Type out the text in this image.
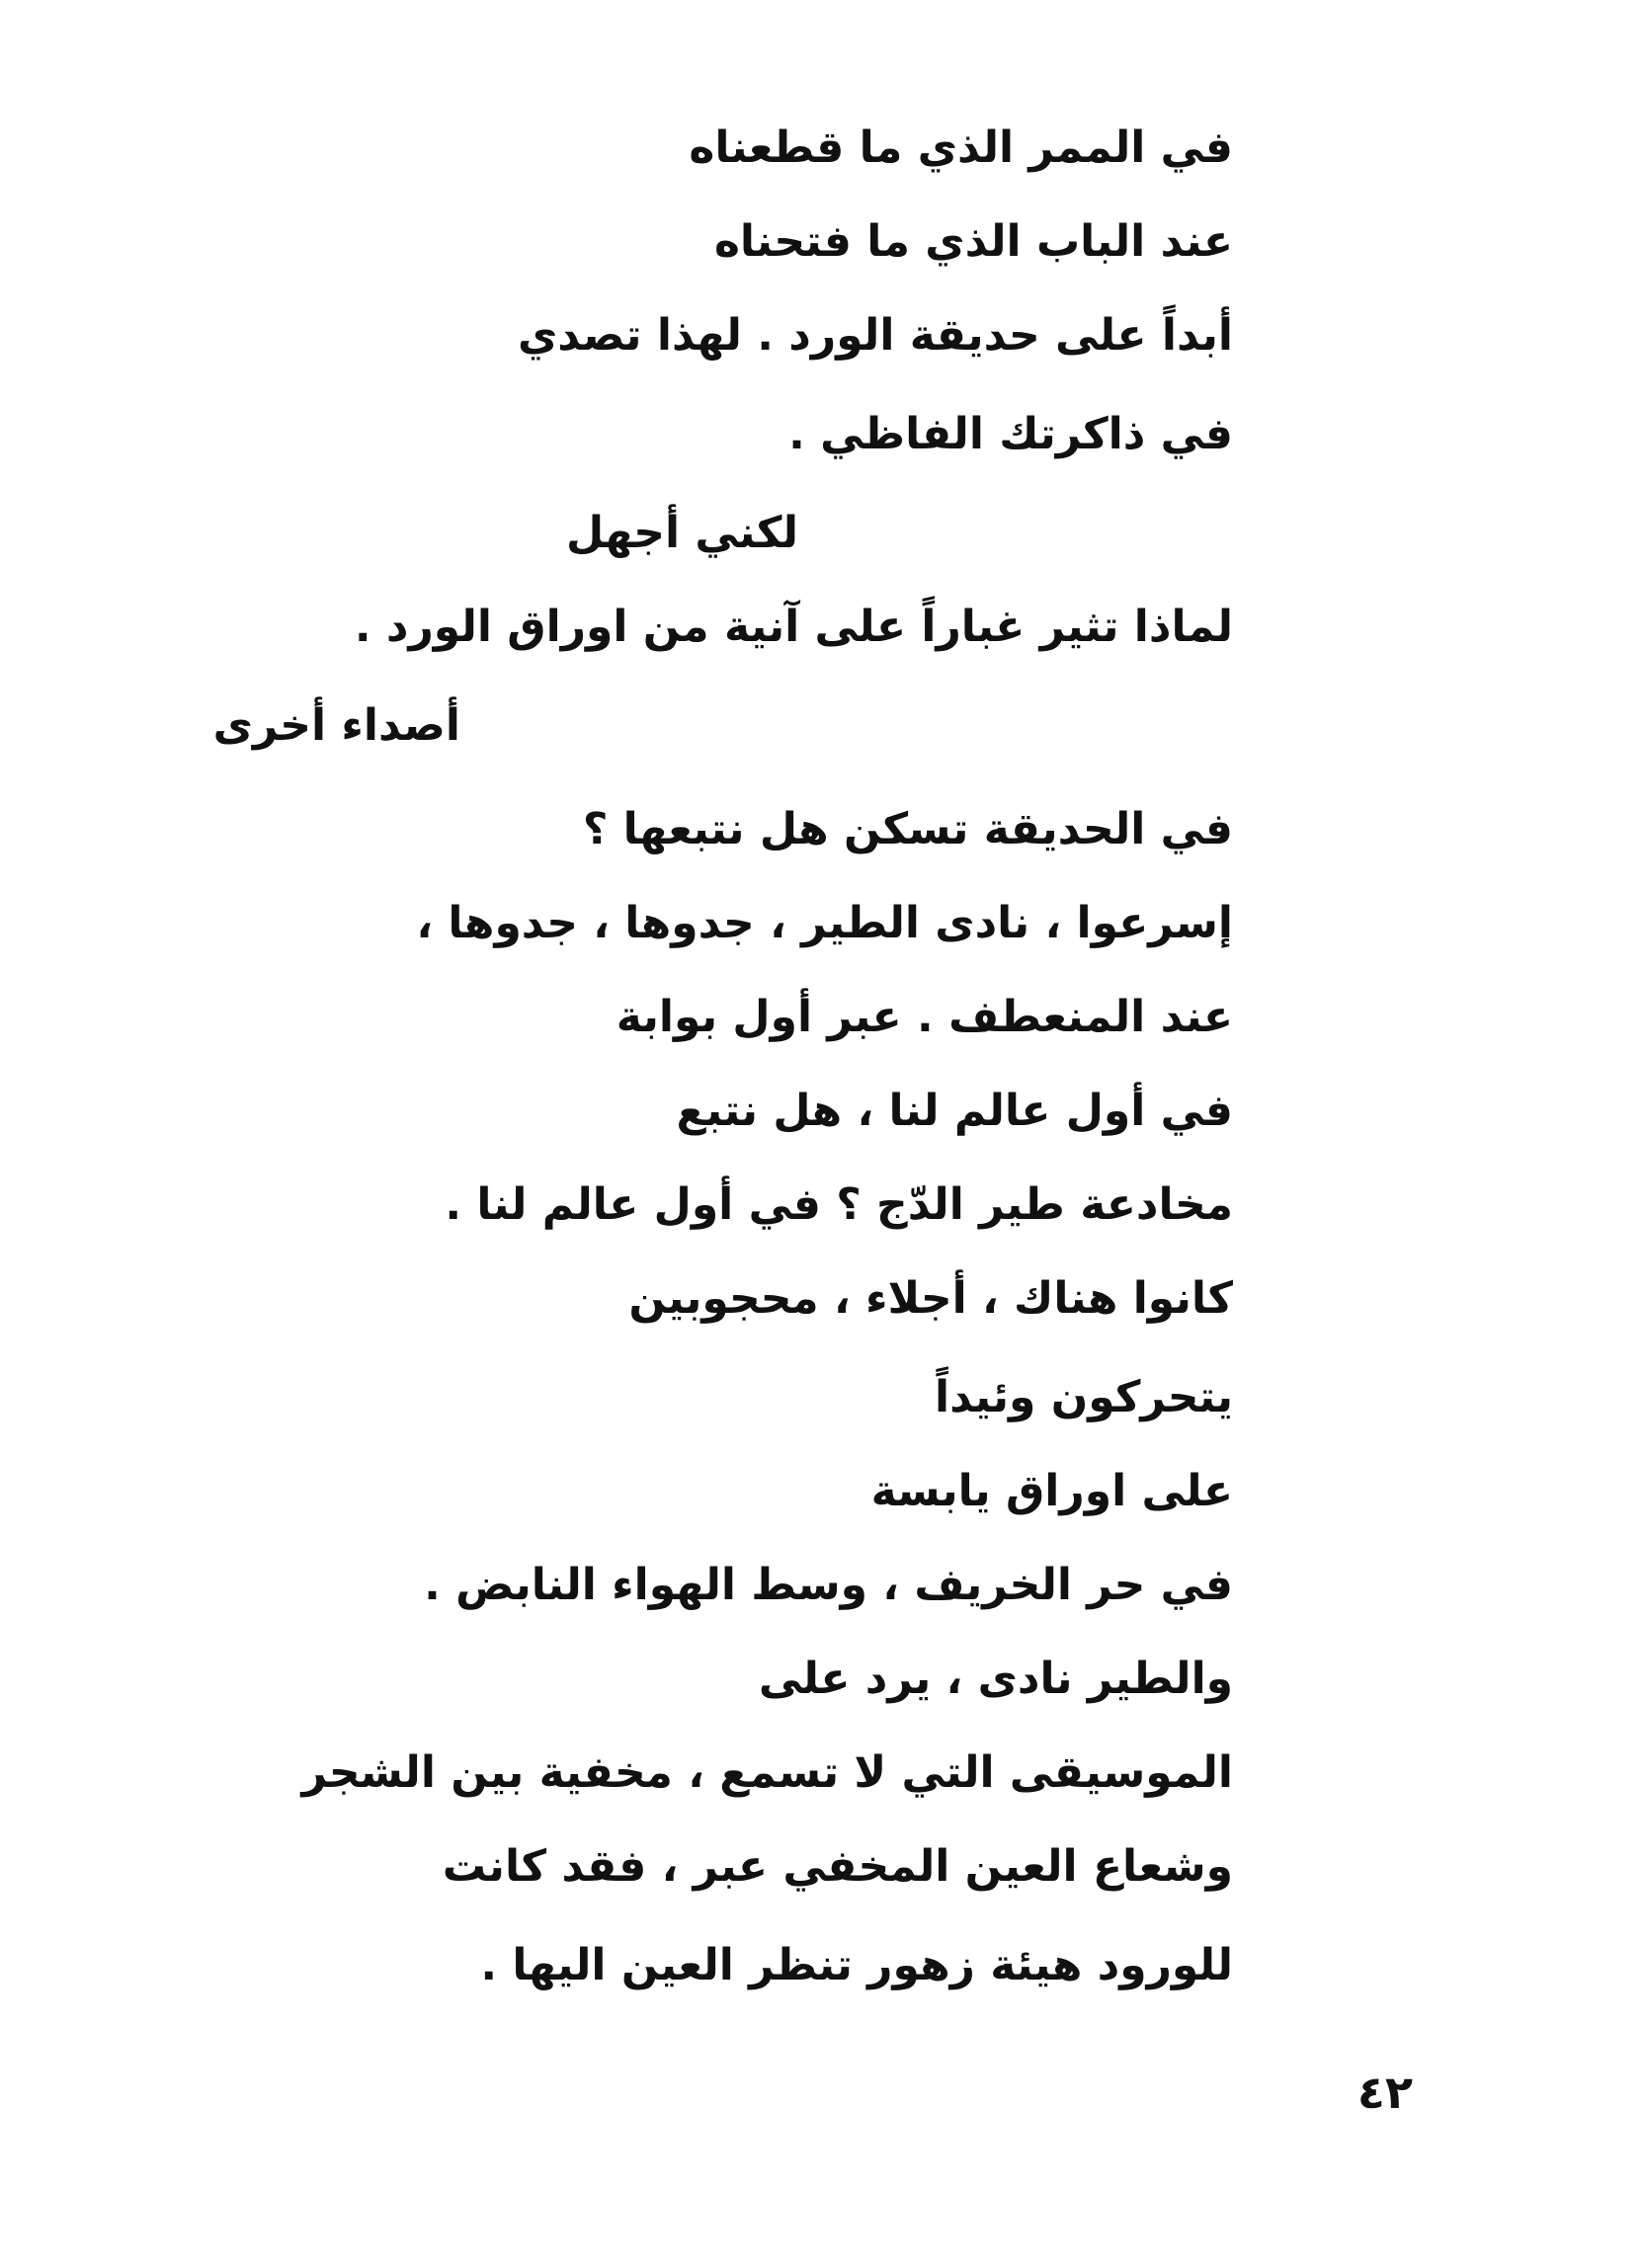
في الممر الذي ما قطعناه
عند الباب الذي ما فتحناه
أبداً على حديقة الورد . لهذا تصدي
في ذاكرتك الفاظي .
لكني أجهل
لماذا تثير غباراً على آنية من اوراق الورد .
أصداء أخرى
في الحديقة تسكن هل نتبعها ؟
إسرعوا ، نادى الطير ، جدوها ، جدوها ،
عند المنعطف . عبر أول بوابة
في أول عالم لنا ، هل نتبع
مخادعة طير الدّج ؟ في أول عالم لنا .
كانوا هناك ، أجلاء ، محجوبين
يتحركون وئيداً
على اوراق يابسة
في حر الخريف ، وسط الهواء النابض .
والطير نادى ، يرد على
الموسيقى التي لا تسمع ، مخفية بين الشجر
وشعاع العين المخفي عبر ، فقد كانت
للورود هيئة زهور تنظر العين اليها .
٤٢
